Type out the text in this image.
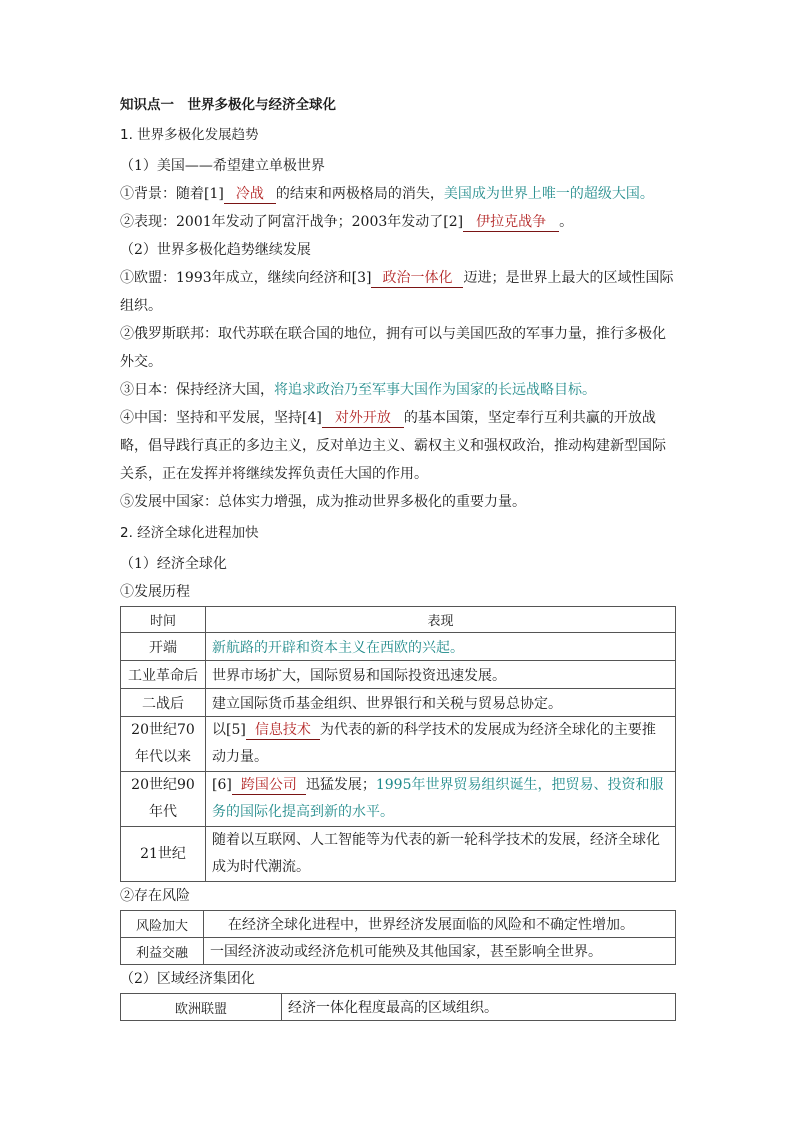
知识点一　世界多极化与经济全球化
1. 世界多极化发展趋势
（1）美国——希望建立单极世界
①背景：随着[1] 冷战 的结束和两极格局的消失，美国成为世界上唯一的超级大国。
②表现：2001年发动了阿富汗战争；2003年发动了[2] 伊拉克战争 。
（2）世界多极化趋势继续发展
①欧盟：1993年成立，继续向经济和[3] 政治一体化 迈进；是世界上最大的区域性国际组织。
②俄罗斯联邦：取代苏联在联合国的地位，拥有可以与美国匹敌的军事力量，推行多极化外交。
③日本：保持经济大国，将追求政治乃至军事大国作为国家的长远战略目标。
④中国：坚持和平发展，坚持[4] 对外开放 的基本国策，坚定奉行互利共赢的开放战略，倡导践行真正的多边主义，反对单边主义、霸权主义和强权政治，推动构建新型国际关系，正在发挥并将继续发挥负责任大国的作用。
⑤发展中国家：总体实力增强，成为推动世界多极化的重要力量。
2. 经济全球化进程加快
（1）经济全球化
①发展历程
时间	表现
开端	新航路的开辟和资本主义在西欧的兴起。
工业革命后	世界市场扩大，国际贸易和国际投资迅速发展。
二战后	建立国际货币基金组织、世界银行和关税与贸易总协定。
20世纪70年代以来	以[5] 信息技术 为代表的新的科学技术的发展成为经济全球化的主要推动力量。
20世纪90年代	[6] 跨国公司 迅猛发展；1995年世界贸易组织诞生，把贸易、投资和服务的国际化提高到新的水平。
21世纪	随着以互联网、人工智能等为代表的新一轮科学技术的发展，经济全球化成为时代潮流。
②存在风险
风险加大	在经济全球化进程中，世界经济发展面临的风险和不确定性增加。
利益交融	一国经济波动或经济危机可能殃及其他国家，甚至影响全世界。
（2）区域经济集团化
欧洲联盟	经济一体化程度最高的区域组织。
